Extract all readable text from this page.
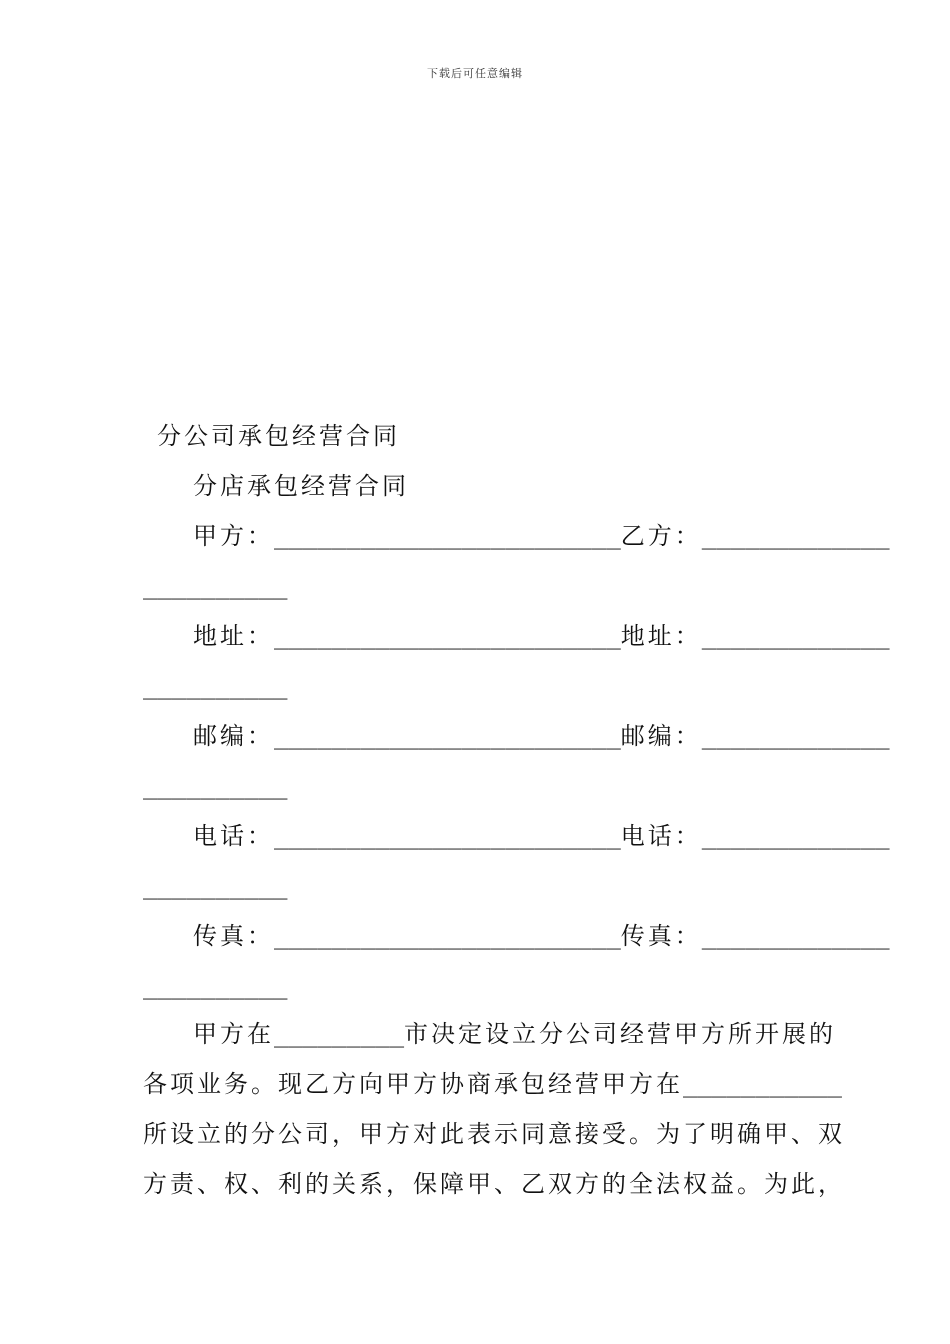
下载后可任意编辑
分公司承包经营合同
分店承包经营合同
甲方：________________________乙方：_____________
__________
地址：________________________地址：_____________
__________
邮编：________________________邮编：_____________
__________
电话：________________________电话：_____________
__________
传真：________________________传真：_____________
__________
甲方在_________市决定设立分公司经营甲方所开展的
各项业务。现乙方向甲方协商承包经营甲方在___________
所设立的分公司，甲方对此表示同意接受。为了明确甲、双
方责、权、利的关系，保障甲、乙双方的全法权益。为此，
